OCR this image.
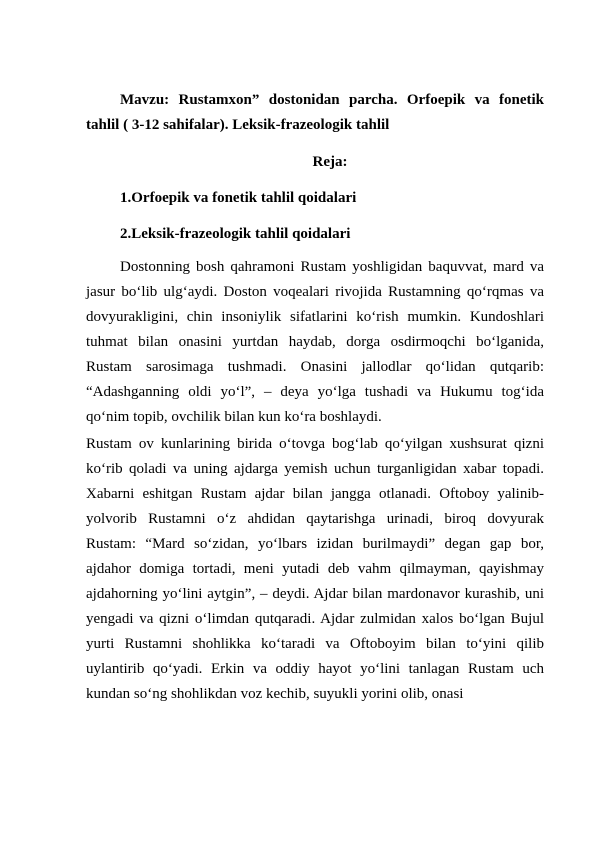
Mavzu: Rustamxon” dostonidan parcha. Orfoepik va fonetik tahlil ( 3-12 sahifalar). Leksik-frazeologik tahlil

Reja:
1.Orfoepik va fonetik tahlil qoidalari
2.Leksik-frazeologik tahlil qoidalari

Dostonning bosh qahramoni Rustam yoshligidan baquvvat, mard va jasur bo‘lib ulg‘aydi. Doston voqealari rivojida Rustamning qo‘rqmas va dovyurakligini, chin insoniylik sifatlarini ko‘rish mumkin. Kundoshlari tuhmat bilan onasini yurtdan haydab, dorga osdirmoqchi bo‘lganida, Rustam sarosimaga tushmadi. Onasini jallodlar qo‘lidan qutqarib: “Adashganning oldi yo‘l”, – deya yo‘lga tushadi va Hukumu tog‘ida qo‘nim topib, ovchilik bilan kun ko‘ra boshlaydi.

Rustam ov kunlarining birida o‘tovga bog‘lab qo‘yilgan xushsurat qizni ko‘rib qoladi va uning ajdarga yemish uchun turganligidan xabar topadi. Xabarni eshitgan Rustam ajdar bilan jangga otlanadi. Oftoboy yalinib-yolvorib Rustamni o‘z ahdidan qaytarishga urinadi, biroq dovyurak Rustam: “Mard so‘zidan, yo‘lbars izidan burilmaydi” degan gap bor, ajdahor domiga tortadi, meni yutadi deb vahm qilmayman, qayishmay ajdahorning yo‘lini aytgin”, – deydi. Ajdar bilan mardonavor kurashib, uni yengadi va qizni o‘limdan qutqaradi. Ajdar zulmidan xalos bo‘lgan Bujul yurti Rustamni shohlikka ko‘taradi va Oftoboyim bilan to‘yini qilib uylantirib qo‘yadi. Erkin va oddiy hayot yo‘lini tanlagan Rustam uch kundan so‘ng shohlikdan voz kechib, suyukli yorini olib, onasi
